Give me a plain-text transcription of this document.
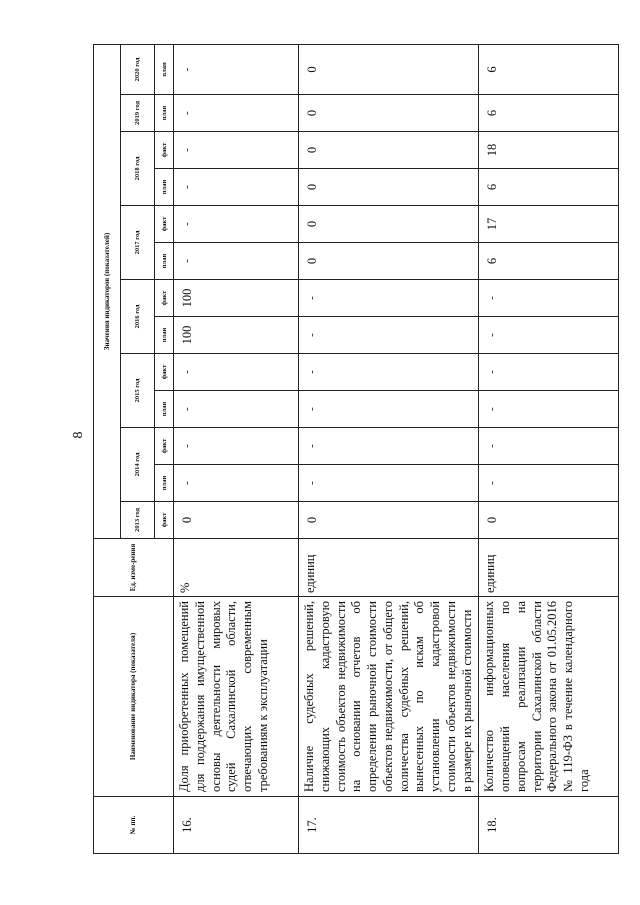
8
№ пп.	Наименование индикатора (показателя)	Ед. изме-рения	Значения индикаторов (показателей)													
			2013 год	2014 год		2015 год		2016 год		2017 год		2018 год		2019 год	2020 год	
			факт	план	факт	план	факт	план	факт	план	факт	план	факт	план	план	
16.	Доля приобретенных помещений для поддержания имущественной основы деятельности мировых судей Сахалинской области, отвечающих современным требованиям к эксплуатации	%	0	-	-	-	-	100	100	-	-	-	-	-	-	
17.	Наличие судебных решений, снижающих кадастровую стоимость объектов недвижимости на основании отчетов об определении рыночной стоимости объектов недвижимости, от общего количества судебных решений, вынесенных по искам об установлении кадастровой стоимости объектов недвижимости в размере их рыночной стоимости	единиц	0	-	-	-	-	-	-	0	0	0	0	0	0	
18.	Количество информационных оповещений населения по вопросам реализации на территории Сахалинской области Федерального закона от 01.05.2016 № 119-ФЗ в течение календарного года	единиц	0	-	-	-	-	-	-	6	17	6	18	6	6	
